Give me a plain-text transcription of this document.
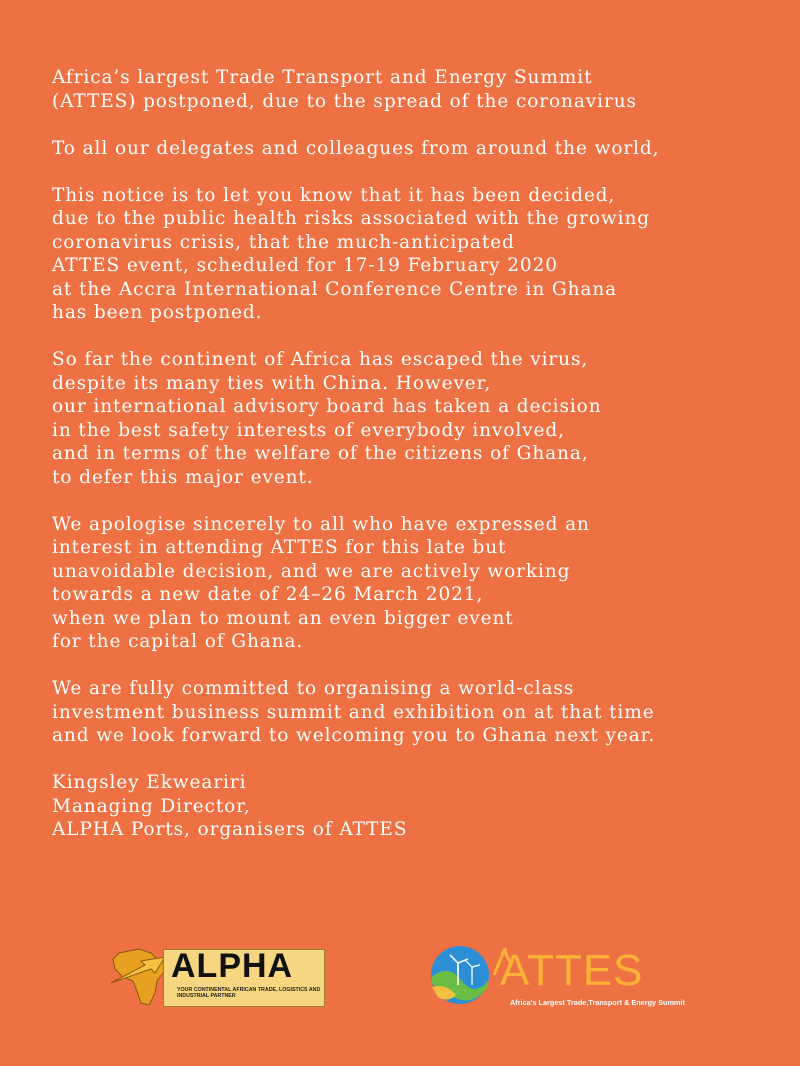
Africa’s largest Trade Transport and Energy Summit
(ATTES) postponed, due to the spread of the coronavirus
To all our delegates and colleagues from around the world,
This notice is to let you know that it has been decided,
due to the public health risks associated with the growing
coronavirus crisis, that the much-anticipated
ATTES event, scheduled for 17-19 February 2020
at the Accra International Conference Centre in Ghana
has been postponed.
So far the continent of Africa has escaped the virus,
despite its many ties with China. However,
our international advisory board has taken a decision
in the best safety interests of everybody involved,
and in terms of the welfare of the citizens of Ghana,
to defer this major event.
We apologise sincerely to all who have expressed an
interest in attending ATTES for this late but
unavoidable decision, and we are actively working
towards a new date of 24–26 March 2021,
when we plan to mount an even bigger event
for the capital of Ghana.
We are fully committed to organising a world-class
investment business summit and exhibition on at that time
and we look forward to welcoming you to Ghana next year.
Kingsley Ekweariri
Managing Director,
ALPHA Ports, organisers of ATTES
ALPHA
YOUR CONTINENTAL AFRICAN TRADE, LOGISTICS AND INDUSTRIAL PARTNER
ATTES
Africa's Largest Trade,Transport & Energy Summit
